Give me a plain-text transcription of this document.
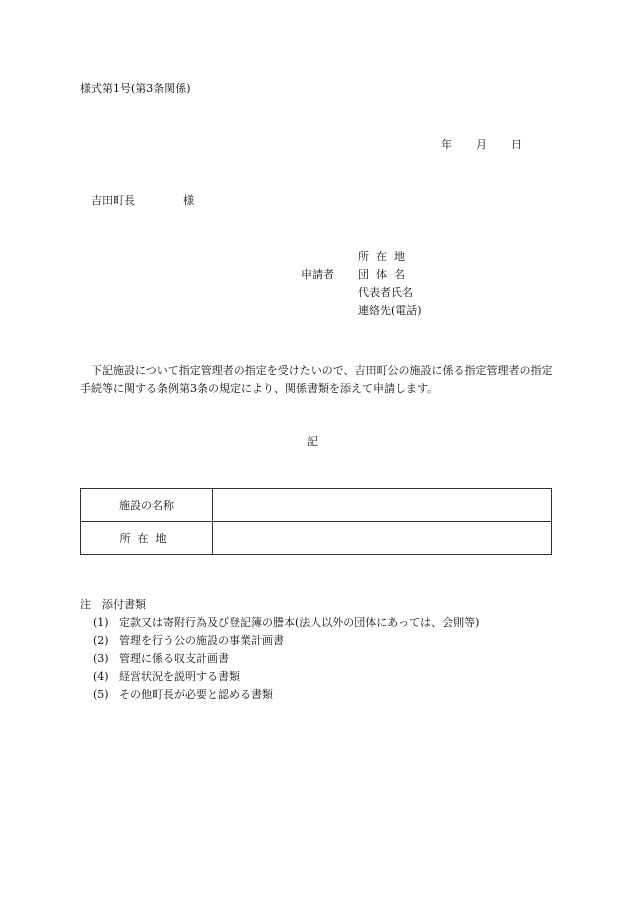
様式第1号(第3条関係)
年 月 日
吉田町長	様
申請者
所在地
団体名
代表者氏名
連絡先(電話)
下記施設について指定管理者の指定を受けたいので、吉田町公の施設に係る指定管理者の指定手続等に関する条例第3条の規定により、関係書類を添えて申請します。
記
施設の名称	
所在地	
注　添付書類
(1) 定款又は寄附行為及び登記簿の謄本(法人以外の団体にあっては、会則等)
(2) 管理を行う公の施設の事業計画書
(3) 管理に係る収支計画書
(4) 経営状況を説明する書類
(5) その他町長が必要と認める書類
